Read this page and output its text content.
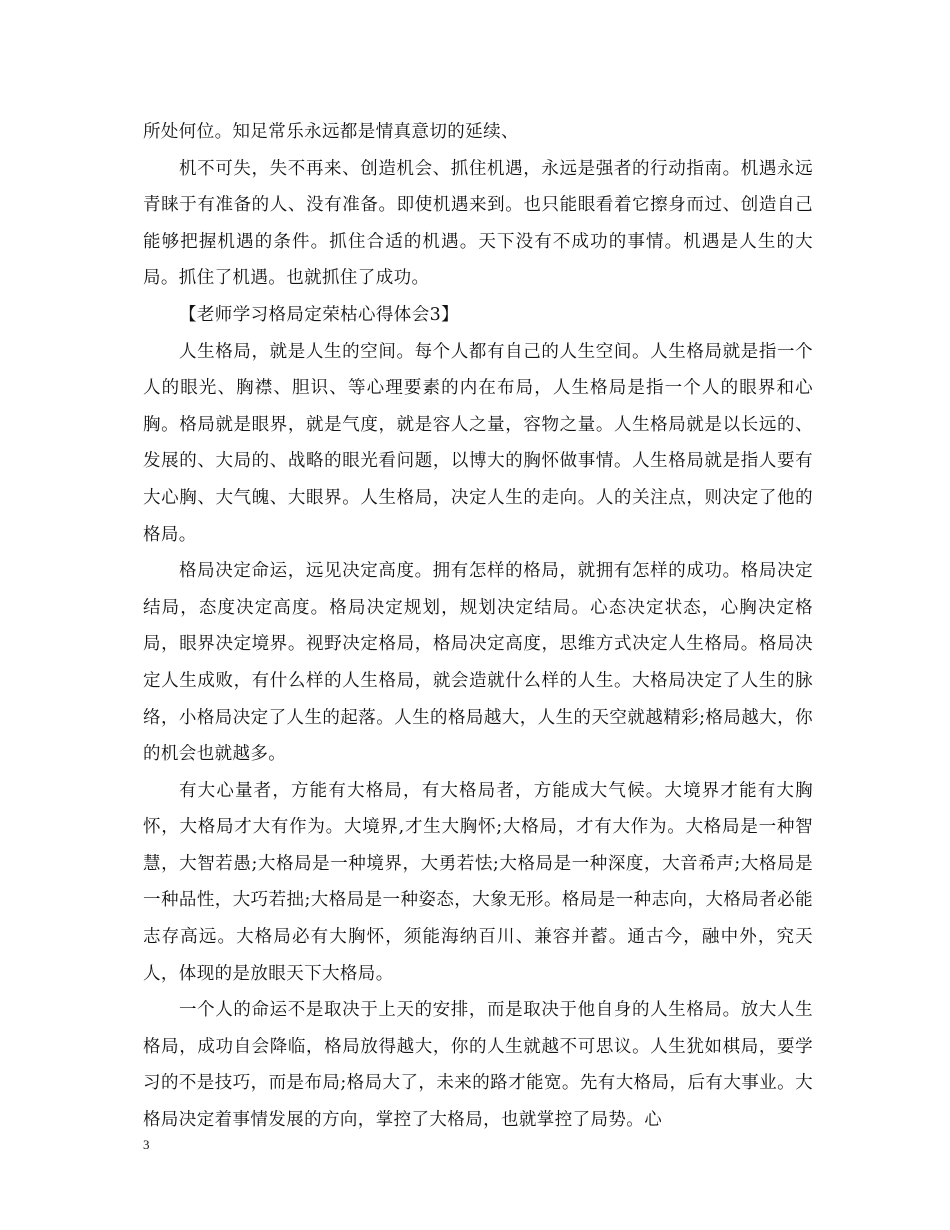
所处何位。知足常乐永远都是情真意切的延续、

机不可失，失不再来、创造机会、抓住机遇，永远是强者的行动指南。机遇永远青睐于有准备的人、没有准备。即使机遇来到。也只能眼看着它擦身而过、创造自己能够把握机遇的条件。抓住合适的机遇。天下没有不成功的事情。机遇是人生的大局。抓住了机遇。也就抓住了成功。

【老师学习格局定荣枯心得体会3】

人生格局，就是人生的空间。每个人都有自己的人生空间。人生格局就是指一个人的眼光、胸襟、胆识、等心理要素的内在布局，人生格局是指一个人的眼界和心胸。格局就是眼界，就是气度，就是容人之量，容物之量。人生格局就是以长远的、发展的、大局的、战略的眼光看问题，以博大的胸怀做事情。人生格局就是指人要有大心胸、大气魄、大眼界。人生格局，决定人生的走向。人的关注点，则决定了他的格局。

格局决定命运，远见决定高度。拥有怎样的格局，就拥有怎样的成功。格局决定结局，态度决定高度。格局决定规划，规划决定结局。心态决定状态，心胸决定格局，眼界决定境界。视野决定格局，格局决定高度，思维方式决定人生格局。格局决定人生成败，有什么样的人生格局，就会造就什么样的人生。大格局决定了人生的脉络，小格局决定了人生的起落。人生的格局越大，人生的天空就越精彩;格局越大，你的机会也就越多。

有大心量者，方能有大格局，有大格局者，方能成大气候。大境界才能有大胸怀，大格局才大有作为。大境界,才生大胸怀;大格局，才有大作为。大格局是一种智慧，大智若愚;大格局是一种境界，大勇若怯;大格局是一种深度，大音希声;大格局是一种品性，大巧若拙;大格局是一种姿态，大象无形。格局是一种志向，大格局者必能志存高远。大格局必有大胸怀，须能海纳百川、兼容并蓄。通古今，融中外，究天人，体现的是放眼天下大格局。

一个人的命运不是取决于上天的安排，而是取决于他自身的人生格局。放大人生格局，成功自会降临，格局放得越大，你的人生就越不可思议。人生犹如棋局，要学习的不是技巧，而是布局;格局大了，未来的路才能宽。先有大格局，后有大事业。大格局决定着事情发展的方向，掌控了大格局，也就掌控了局势。心

3
